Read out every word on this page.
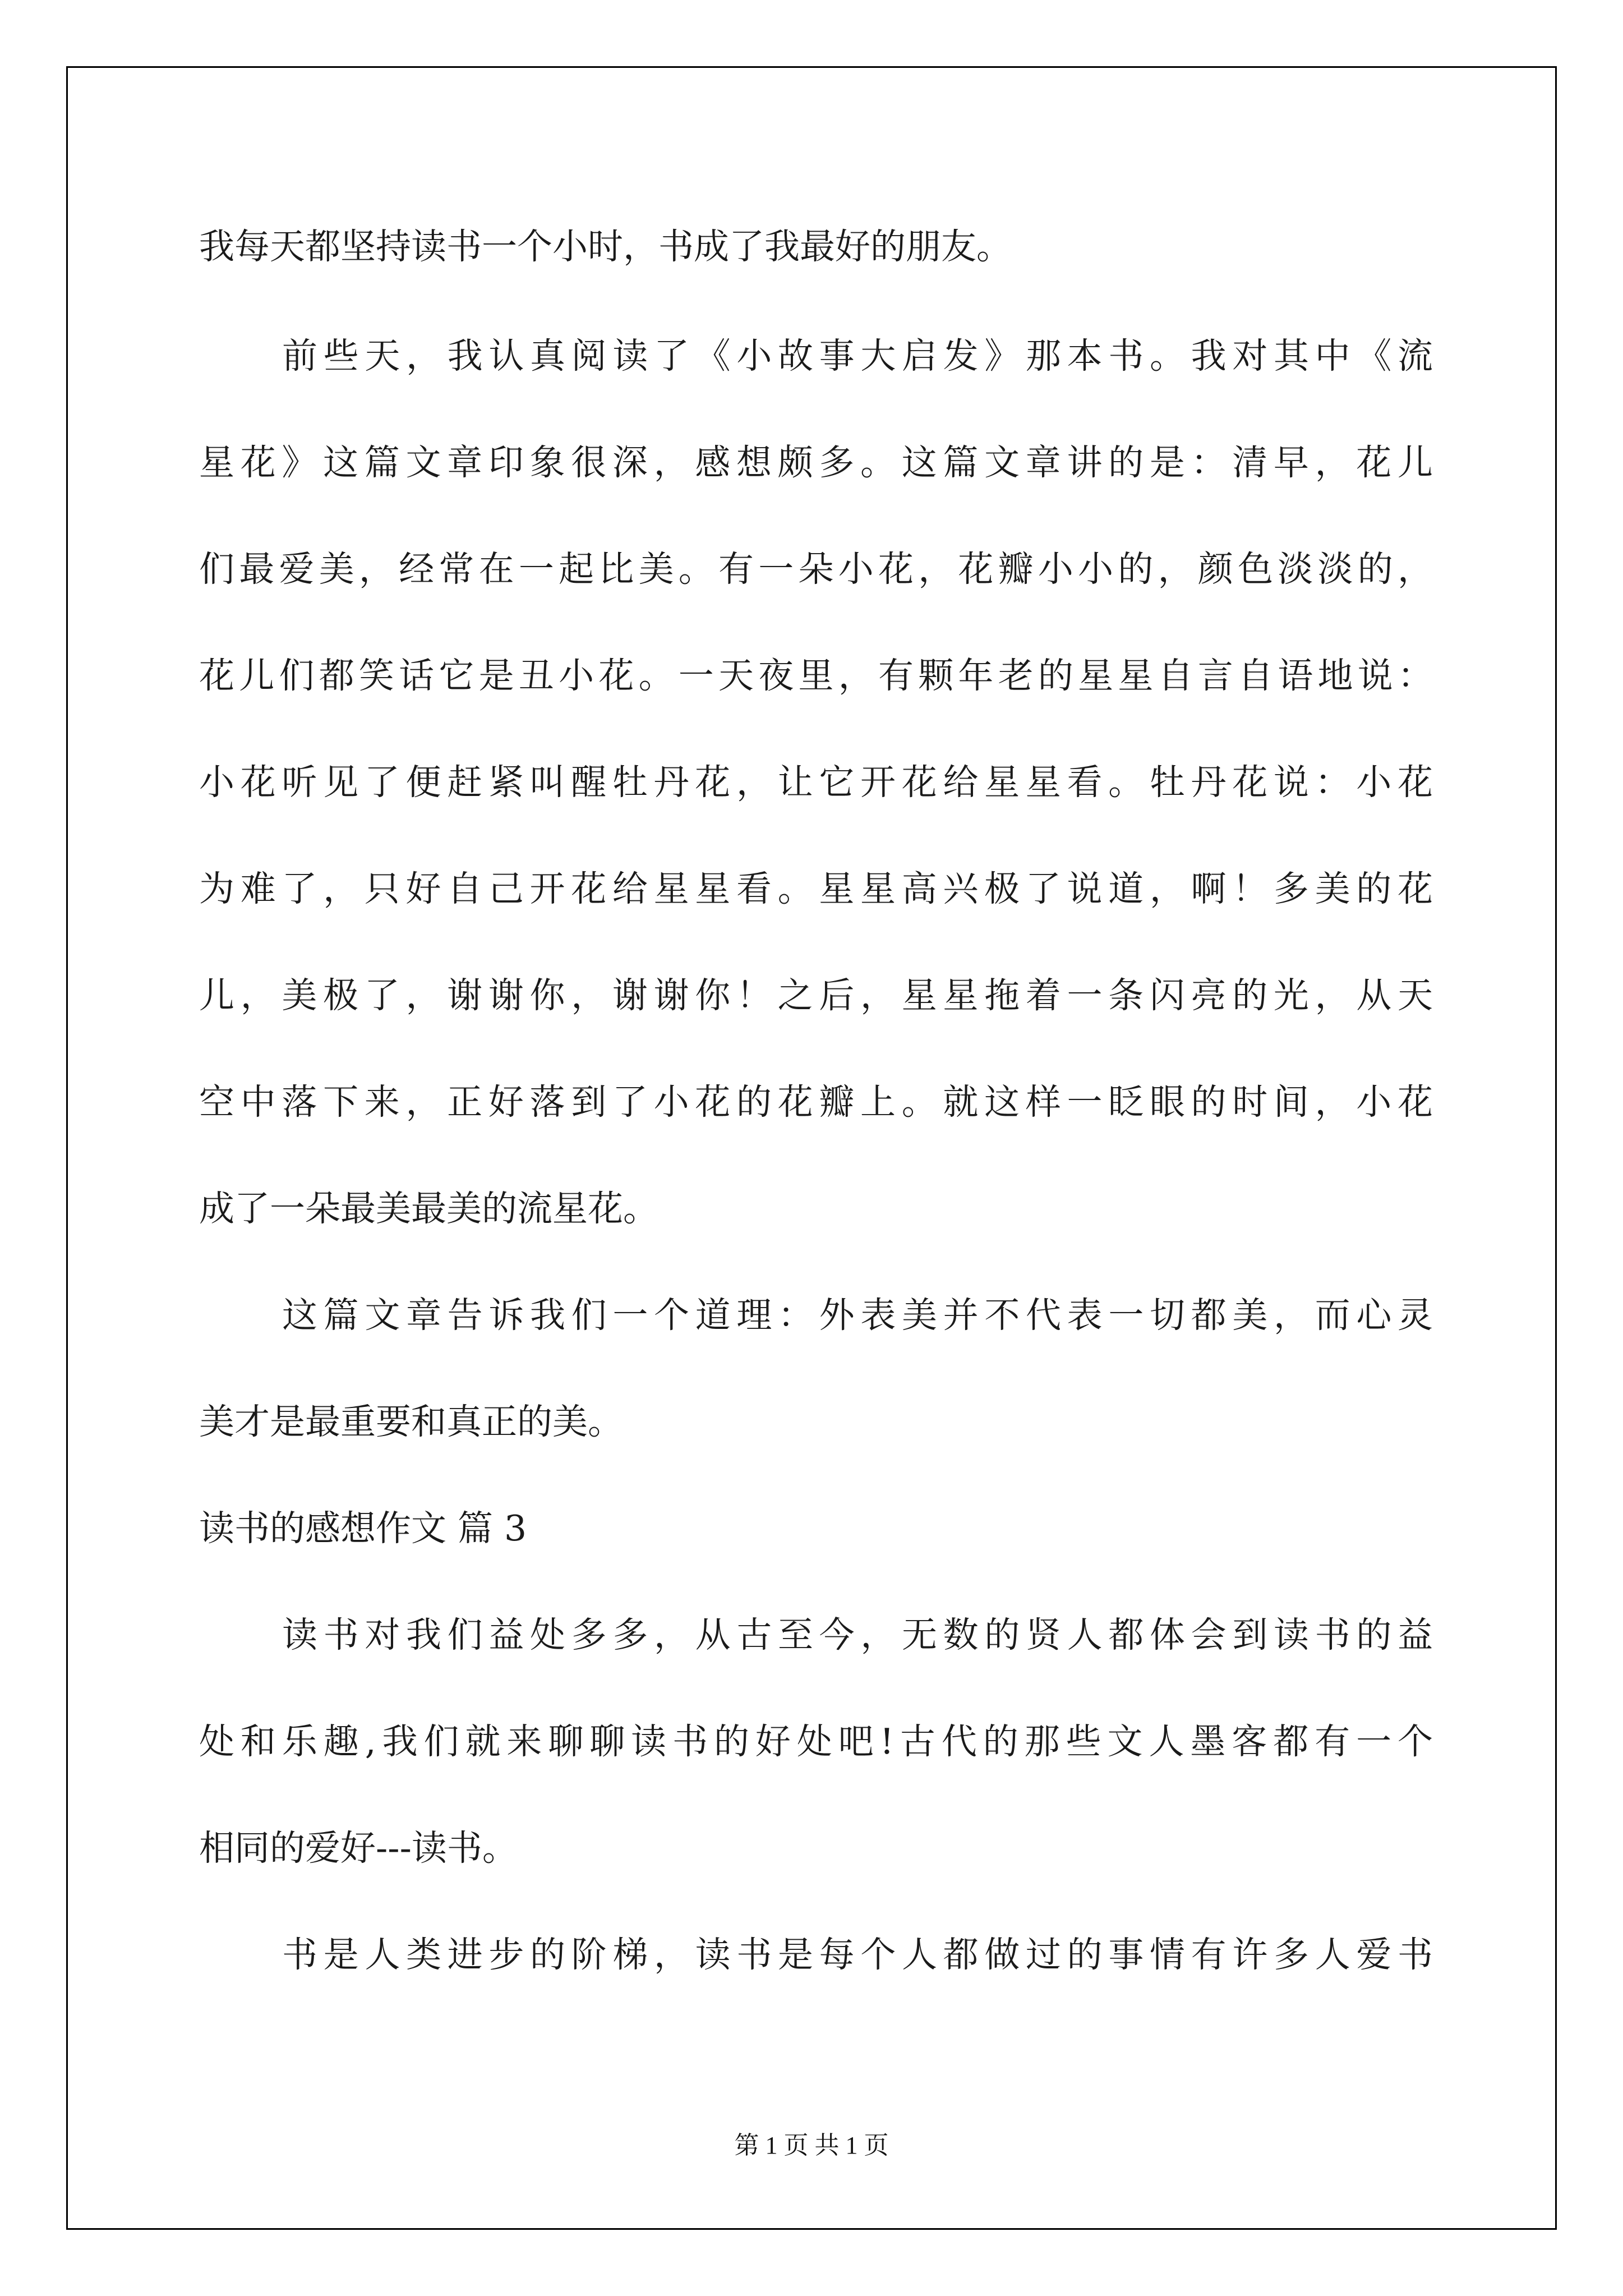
我每天都坚持读书一个小时，书成了我最好的朋友。
前些天，我认真阅读了《小故事大启发》那本书。我对其中《流
星花》这篇文章印象很深，感想颇多。这篇文章讲的是：清早，花儿
们最爱美，经常在一起比美。有一朵小花，花瓣小小的，颜色淡淡的，
花儿们都笑话它是丑小花。一天夜里，有颗年老的星星自言自语地说：
小花听见了便赶紧叫醒牡丹花，让它开花给星星看。牡丹花说：小花
为难了，只好自己开花给星星看。星星高兴极了说道，啊！多美的花
儿，美极了，谢谢你，谢谢你！之后，星星拖着一条闪亮的光，从天
空中落下来，正好落到了小花的花瓣上。就这样一眨眼的时间，小花
成了一朵最美最美的流星花。
这篇文章告诉我们一个道理：外表美并不代表一切都美，而心灵
美才是最重要和真正的美。
读书的感想作文 篇 3
读书对我们益处多多，从古至今，无数的贤人都体会到读书的益
处和乐趣,我们就来聊聊读书的好处吧!古代的那些文人墨客都有一个
相同的爱好---读书。
书是人类进步的阶梯，读书是每个人都做过的事情有许多人爱书
第 1 页 共 1 页
